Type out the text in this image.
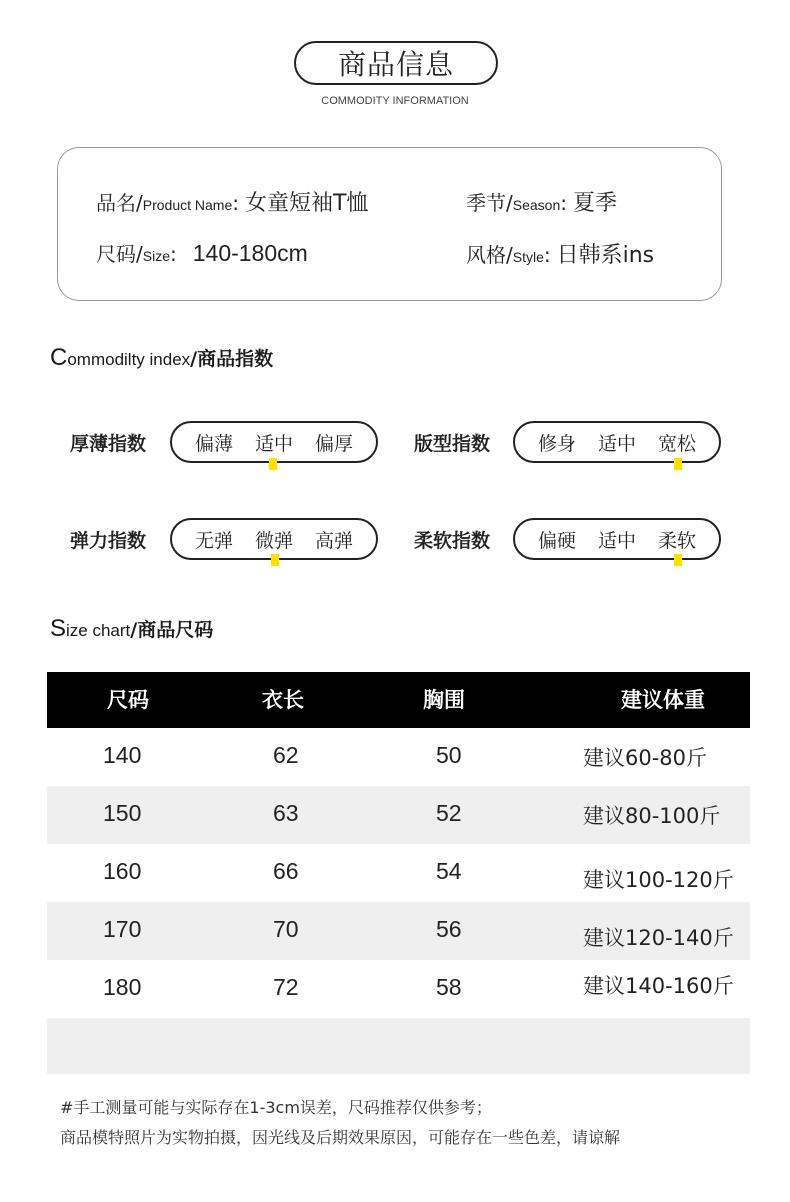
商品信息
COMMODITY INFORMATION
品名/ Product Name : 女童短袖T恤	季节/ Season : 夏季
尺码/ Size : 140-180cm	风格/ Style : 日韩系ins
C ommodilty index /商品指数
厚薄指数	偏薄 适中 偏厚	版型指数	修身 适中 宽松
弹力指数	无弹 微弹 高弹	柔软指数	偏硬 适中 柔软
S ize chart /商品尺码
尺码	衣长	胸围	建议体重
140	62	50	建议60-80斤
150	63	52	建议80-100斤
160	66	54	建议100-120斤
170	70	56	建议120-140斤
180	72	58	建议140-160斤
#手工测量可能与实际存在1-3cm误差，尺码推荐仅供参考；
商品模特照片为实物拍摄，因光线及后期效果原因，可能存在一些色差，请谅解
